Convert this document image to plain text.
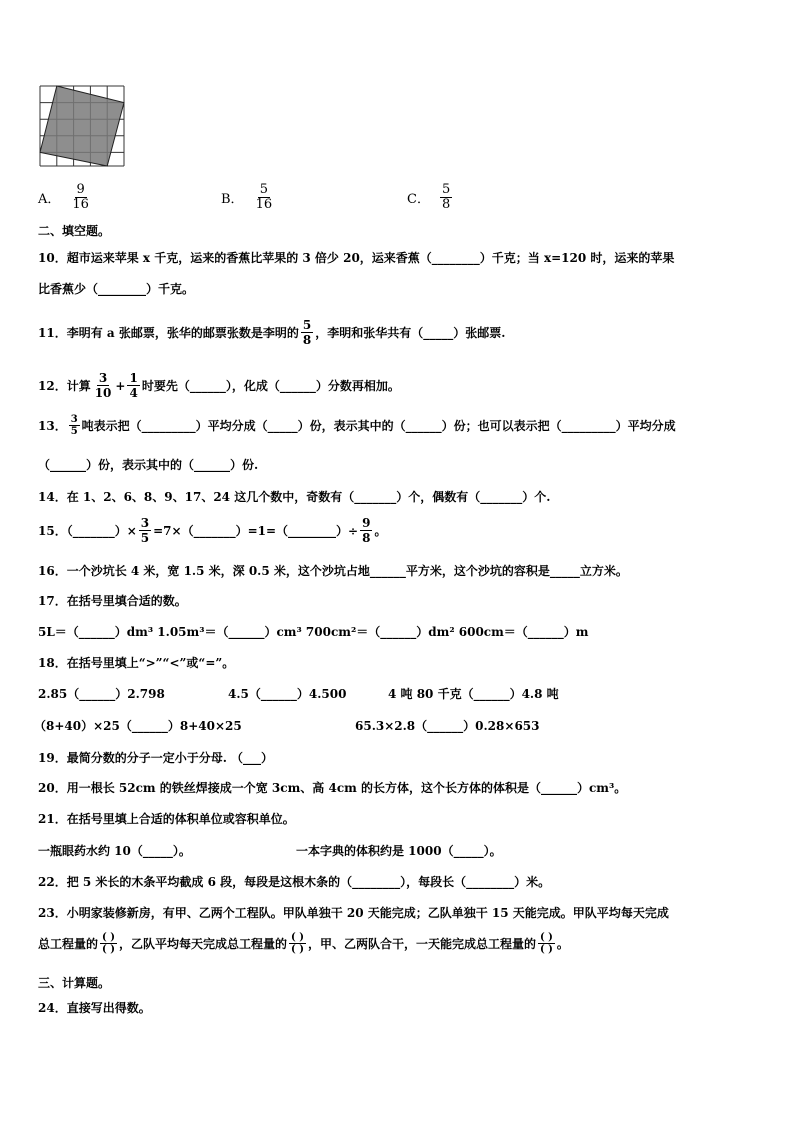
A． $\frac{9}{16}$	B． $\frac{5}{16}$	C． $\frac{5}{8}$
二、填空题。
10．超市运来苹果 x 千克，运来的香蕉比苹果的 3 倍少 20，运来香蕉（________）千克；当 x=120 时，运来的苹果
比香蕉少（________）千克。
11．李明有 a 张邮票，张华的邮票张数是李明的 $\frac{5}{8}$ ，李明和张华共有（_____）张邮票.
12．计算 $\frac{3}{10} + \frac{1}{4}$ 时要先（______），化成（______）分数再相加。
13． $\frac{3}{5}$ 吨表示把（_________）平均分成（_____）份，表示其中的（______）份；也可以表示把（_________）平均分成
（______）份，表示其中的（______）份.
14．在 1、2、6、8、9、17、24 这几个数中，奇数有（_______）个，偶数有（_______）个.
15．（_______）× $\frac{3}{5}$ =7×（_______）=1=（________）÷ $\frac{9}{8}$ 。
16．一个沙坑长 4 米，宽 1.5 米，深 0.5 米，这个沙坑占地______平方米，这个沙坑的容积是_____立方米。
17．在括号里填合适的数。
5L＝（______）dm³ 1.05m³＝（______）cm³ 700cm²＝（______）dm² 600cm＝（______）m
18．在括号里填上“>”“<”或“=”。
2.85（______）2.798	4.5（______）4.500	4 吨 80 千克（______）4.8 吨
（8+40）×25（______）8+40×25	65.3×2.8（______）0.28×653
19．最简分数的分子一定小于分母. （___）
20．用一根长 52cm 的铁丝焊接成一个宽 3cm、高 4cm 的长方体，这个长方体的体积是（______）cm³。
21．在括号里填上合适的体积单位或容积单位。
一瓶眼药水约 10（_____）。	一本字典的体积约是 1000（_____）。
22．把 5 米长的木条平均截成 6 段，每段是这根木条的（________），每段长（________）米。
23．小明家装修新房，有甲、乙两个工程队。甲队单独干 20 天能完成；乙队单独干 15 天能完成。甲队平均每天完成
总工程量的 $\frac{( )}{( )}$ ，乙队平均每天完成总工程量的 $\frac{( )}{( )}$ ，甲、乙两队合干，一天能完成总工程量的 $\frac{( )}{( )}$ 。
三、计算题。
24．直接写出得数。
